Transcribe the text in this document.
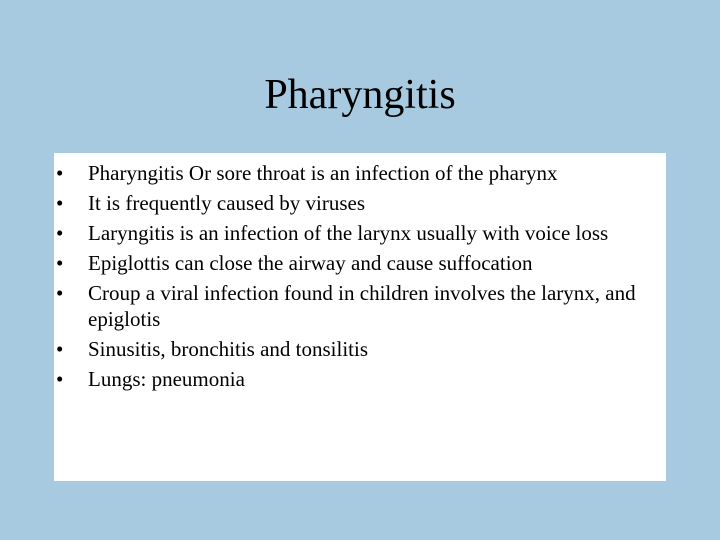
Pharyngitis
• Pharyngitis Or sore throat is an infection of the pharynx
• It is frequently caused by viruses
• Laryngitis is an infection of the larynx usually with voice loss
• Epiglottis can close the airway and cause suffocation
• Croup a viral infection found in children involves the larynx, and epiglotis
• Sinusitis, bronchitis and tonsilitis
• Lungs: pneumonia
